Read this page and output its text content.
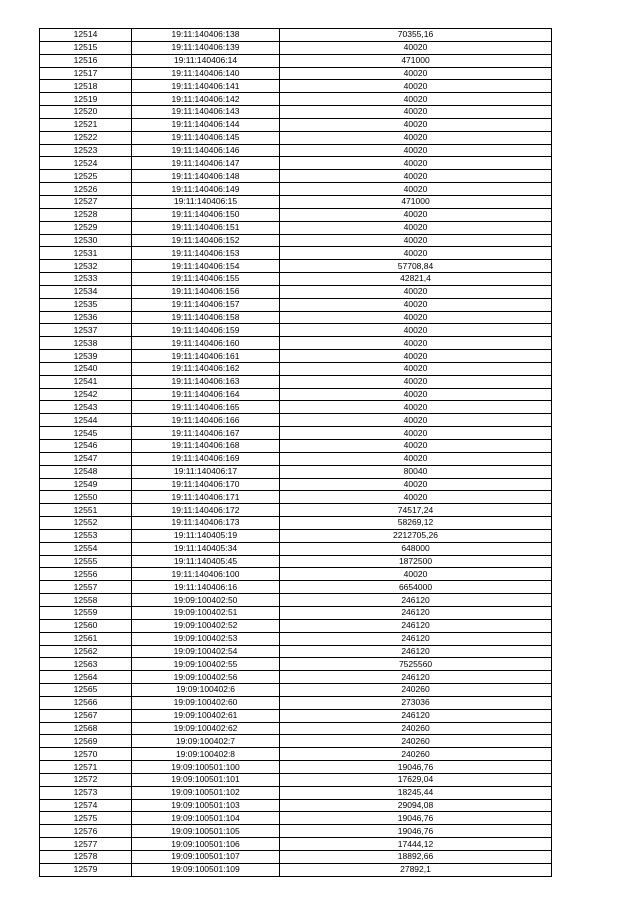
12514	19:11:140406:138	70355,16
12515	19:11:140406:139	40020
12516	19:11:140406:14	471000
12517	19:11:140406:140	40020
12518	19:11:140406:141	40020
12519	19:11:140406:142	40020
12520	19:11:140406:143	40020
12521	19:11:140406:144	40020
12522	19:11:140406:145	40020
12523	19:11:140406:146	40020
12524	19:11:140406:147	40020
12525	19:11:140406:148	40020
12526	19:11:140406:149	40020
12527	19:11:140406:15	471000
12528	19:11:140406:150	40020
12529	19:11:140406:151	40020
12530	19:11:140406:152	40020
12531	19:11:140406:153	40020
12532	19:11:140406:154	57708,84
12533	19:11:140406:155	42821,4
12534	19:11:140406:156	40020
12535	19:11:140406:157	40020
12536	19:11:140406:158	40020
12537	19:11:140406:159	40020
12538	19:11:140406:160	40020
12539	19:11:140406:161	40020
12540	19:11:140406:162	40020
12541	19:11:140406:163	40020
12542	19:11:140406:164	40020
12543	19:11:140406:165	40020
12544	19:11:140406:166	40020
12545	19:11:140406:167	40020
12546	19:11:140406:168	40020
12547	19:11:140406:169	40020
12548	19:11:140406:17	80040
12549	19:11:140406:170	40020
12550	19:11:140406:171	40020
12551	19:11:140406:172	74517,24
12552	19:11:140406:173	58269,12
12553	19:11:140405:19	2212705,26
12554	19:11:140405:34	648000
12555	19:11:140405:45	1872500
12556	19:11:140406:100	40020
12557	19:11:140406:16	6654000
12558	19:09:100402:50	246120
12559	19:09:100402:51	246120
12560	19:09:100402:52	246120
12561	19:09:100402:53	246120
12562	19:09:100402:54	246120
12563	19:09:100402:55	7525560
12564	19:09:100402:56	246120
12565	19:09:100402:6	240260
12566	19:09:100402:60	273036
12567	19:09:100402:61	246120
12568	19:09:100402:62	240260
12569	19:09:100402:7	240260
12570	19:09:100402:8	240260
12571	19:09:100501:100	19046,76
12572	19:09:100501:101	17629,04
12573	19:09:100501:102	18245,44
12574	19:09:100501:103	29094,08
12575	19:09:100501:104	19046,76
12576	19:09:100501:105	19046,76
12577	19:09:100501:106	17444,12
12578	19:09:100501:107	18892,66
12579	19:09:100501:109	27892,1
